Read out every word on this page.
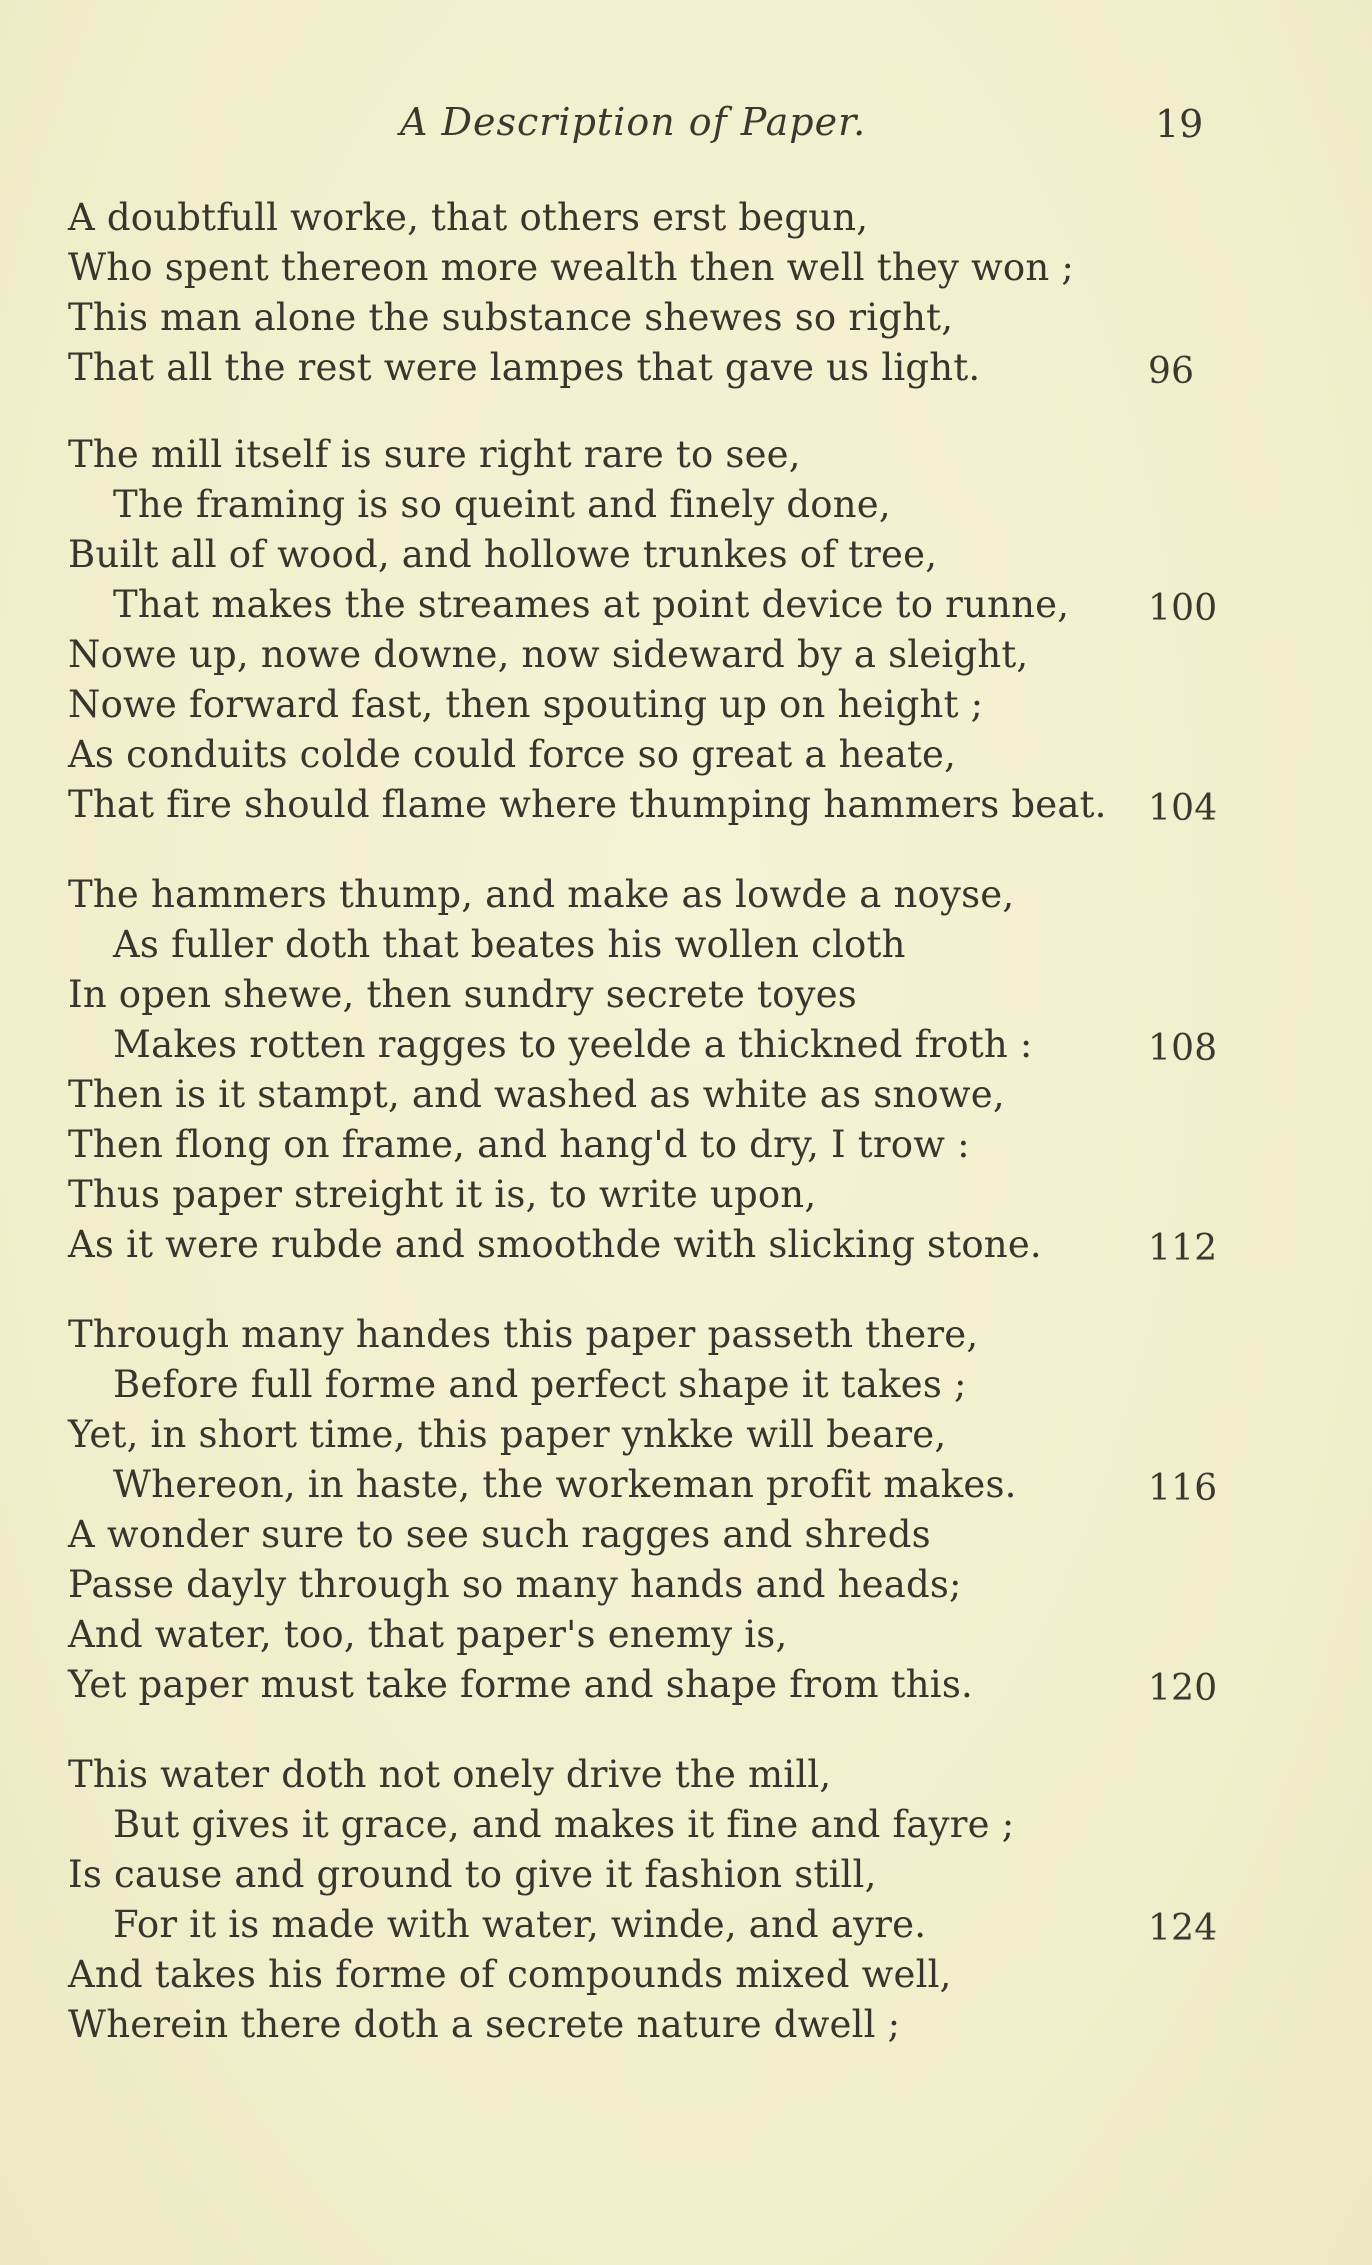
A Description of Paper.	19
A doubtfull worke, that others erst begun,
Who spent thereon more wealth then well they won ;
This man alone the substance shewes so right,
That all the rest were lampes that gave us light.	96
The mill itself is sure right rare to see,
The framing is so queint and finely done,
Built all of wood, and hollowe trunkes of tree,
That makes the streames at point device to runne, 100
Nowe up, nowe downe, now sideward by a sleight,
Nowe forward fast, then spouting up on height ;
As conduits colde could force so great a heate,
That fire should flame where thumping hammers beat. 104
The hammers thump, and make as lowde a noyse,
As fuller doth that beates his wollen cloth
In open shewe, then sundry secrete toyes
Makes rotten ragges to yeelde a thickned froth :	108
Then is it stampt, and washed as white as snowe,
Then flong on frame, and hang'd to dry, I trow :
Thus paper streight it is, to write upon,
As it were rubde and smoothde with slicking stone.	112
Through many handes this paper passeth there,
Before full forme and perfect shape it takes ;
Yet, in short time, this paper ynkke will beare,
Whereon, in haste, the workeman profit makes.	116
A wonder sure to see such ragges and shreds
Passe dayly through so many hands and heads;
And water, too, that paper's enemy is,
Yet paper must take forme and shape from this.	120
This water doth not onely drive the mill,
But gives it grace, and makes it fine and fayre ;
Is cause and ground to give it fashion still,
For it is made with water, winde, and ayre.	124
And takes his forme of compounds mixed well,
Wherein there doth a secrete nature dwell ;
